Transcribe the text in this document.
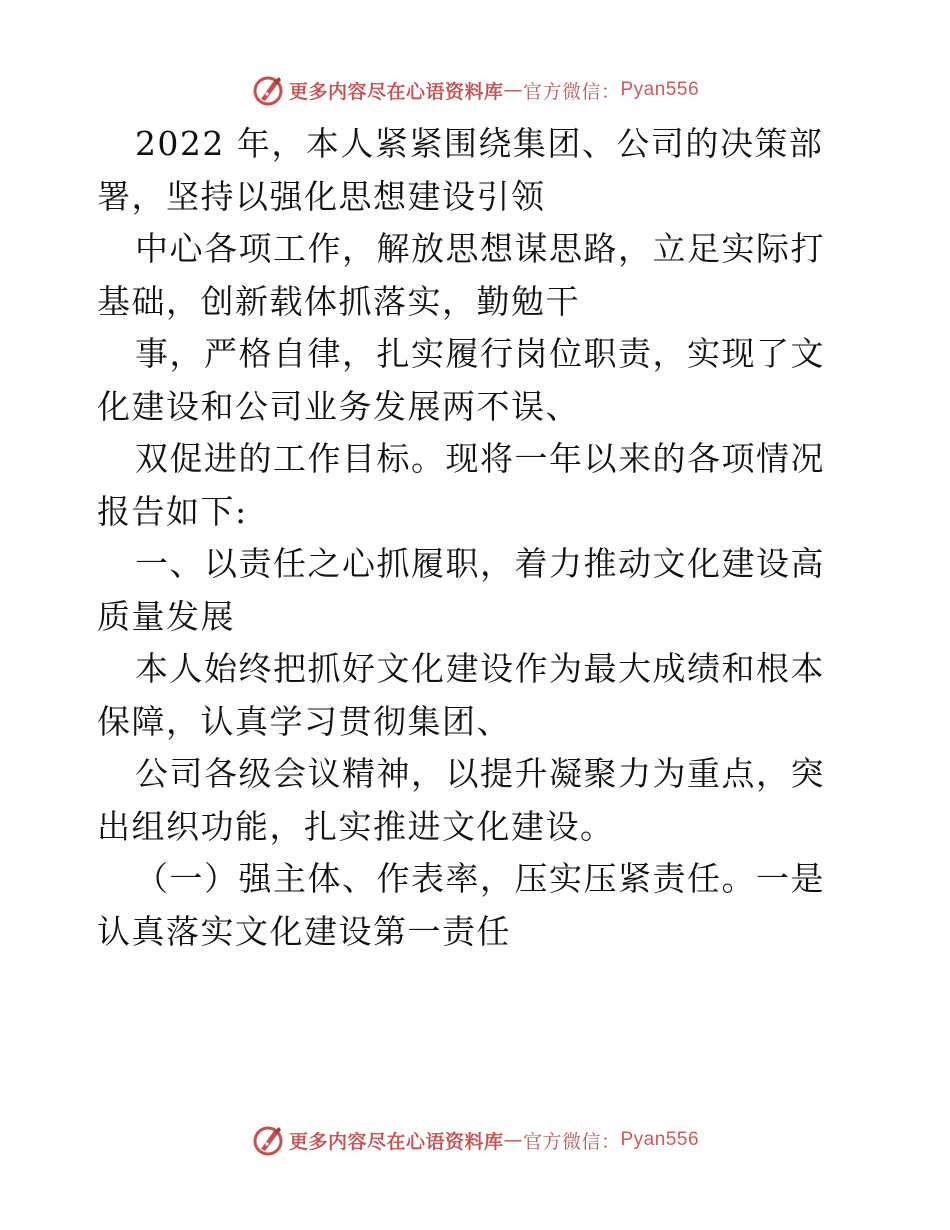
更多内容尽在心语资料库 — 官方微信： Pyan556

2022 年，本人紧紧围绕集团、公司的决策部署，坚持以强化思想建设引领

中心各项工作，解放思想谋思路，立足实际打基础，创新载体抓落实，勤勉干

事，严格自律，扎实履行岗位职责，实现了文化建设和公司业务发展两不误、

双促进的工作目标。现将一年以来的各项情况报告如下:

一、以责任之心抓履职，着力推动文化建设高质量发展

本人始终把抓好文化建设作为最大成绩和根本保障，认真学习贯彻集团、

公司各级会议精神，以提升凝聚力为重点，突出组织功能，扎实推进文化建设。

（一）强主体、作表率，压实压紧责任。一是认真落实文化建设第一责任

更多内容尽在心语资料库 — 官方微信： Pyan556
